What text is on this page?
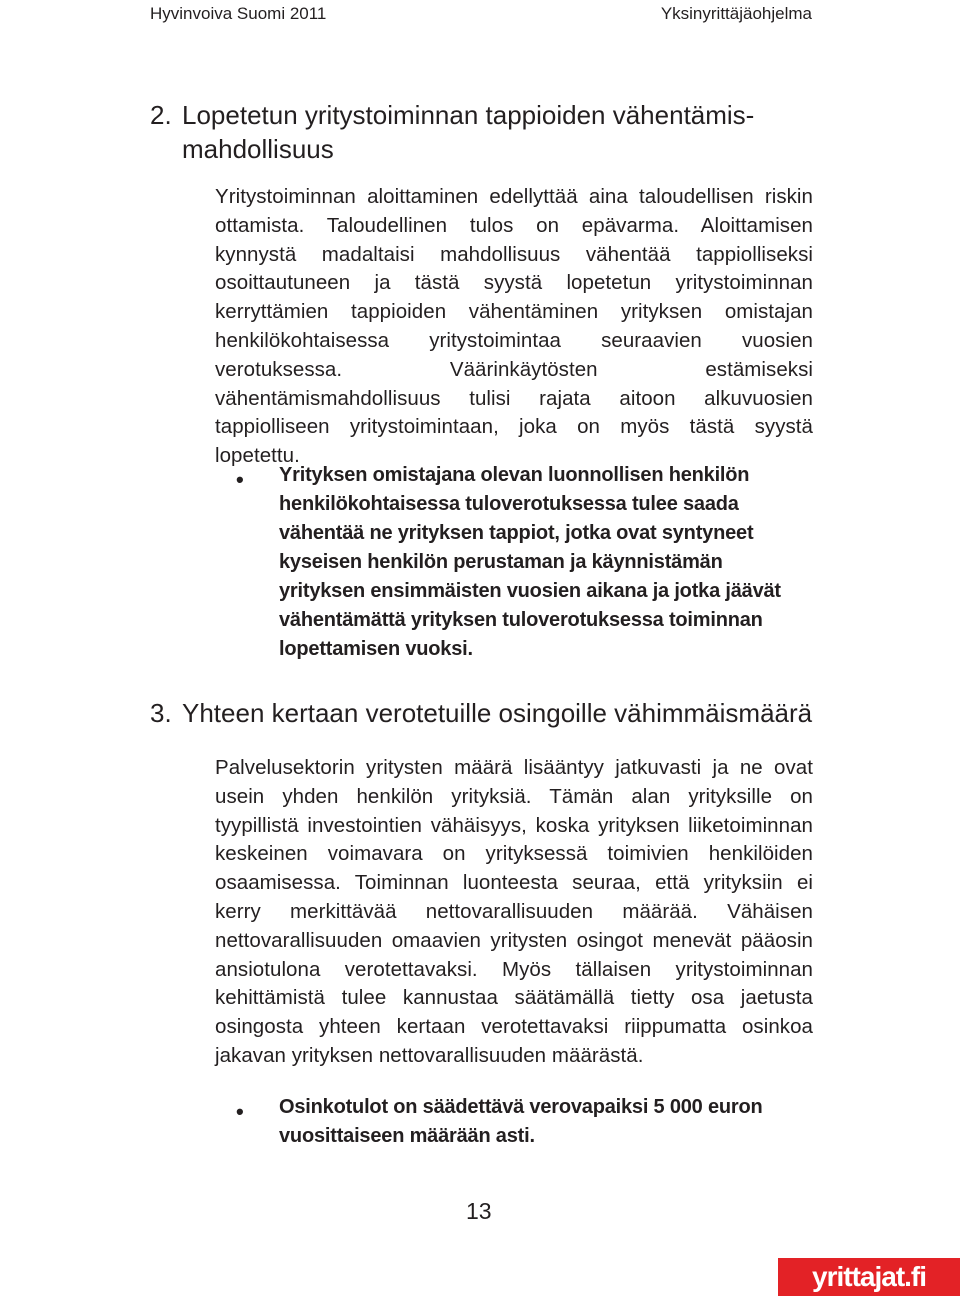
Hyvinvoiva Suomi 2011	Yksinyrittäjäohjelma
2. Lopetetun yritystoiminnan tappioiden vähentämis-
mahdollisuus

Yritystoiminnan aloittaminen edellyttää aina taloudellisen riskin ottamista. Taloudellinen tulos on epävarma. Aloittamisen kynnystä madaltaisi mahdollisuus vähentää tappiolliseksi osoittautuneen ja tästä syystä lopetetun yritystoiminnan kerryttämien tappioiden vähentäminen yrityksen omistajan henkilökohtaisessa yritystoimintaa seuraavien vuosien verotuksessa. Väärinkäytösten estämiseksi vähentämismahdollisuus tulisi rajata aitoon alkuvuosien tappiolliseen yritystoimintaan, joka on myös tästä syystä lopetettu.

• Yrityksen omistajana olevan luonnollisen henkilön henkilökohtaisessa tuloverotuksessa tulee saada vähentää ne yrityksen tappiot, jotka ovat syntyneet kyseisen henkilön perustaman ja käynnistämän yrityksen ensimmäisten vuosien aikana ja jotka jäävät vähentämättä yrityksen tuloverotuksessa toiminnan lopettamisen vuoksi.

3. Yhteen kertaan verotetuille osingoille vähimmäismäärä

Palvelusektorin yritysten määrä lisääntyy jatkuvasti ja ne ovat usein yhden henkilön yrityksiä. Tämän alan yrityksille on tyypillistä investointien vähäisyys, koska yrityksen liiketoiminnan keskeinen voimavara on yrityksessä toimivien henkilöiden osaamisessa. Toiminnan luonteesta seuraa, että yrityksiin ei kerry merkittävää nettovarallisuuden määrää. Vähäisen nettovarallisuuden omaavien yritysten osingot menevät pääosin ansiotulona verotettavaksi. Myös tällaisen yritystoiminnan kehittämistä tulee kannustaa säätämällä tietty osa jaetusta osingosta yhteen kertaan verotettavaksi riippumatta osinkoa jakavan yrityksen nettovarallisuuden määrästä.

• Osinkotulot on säädettävä verovapaiksi 5 000 euron vuosittaiseen määrään asti.

13
yrittajat.fi
